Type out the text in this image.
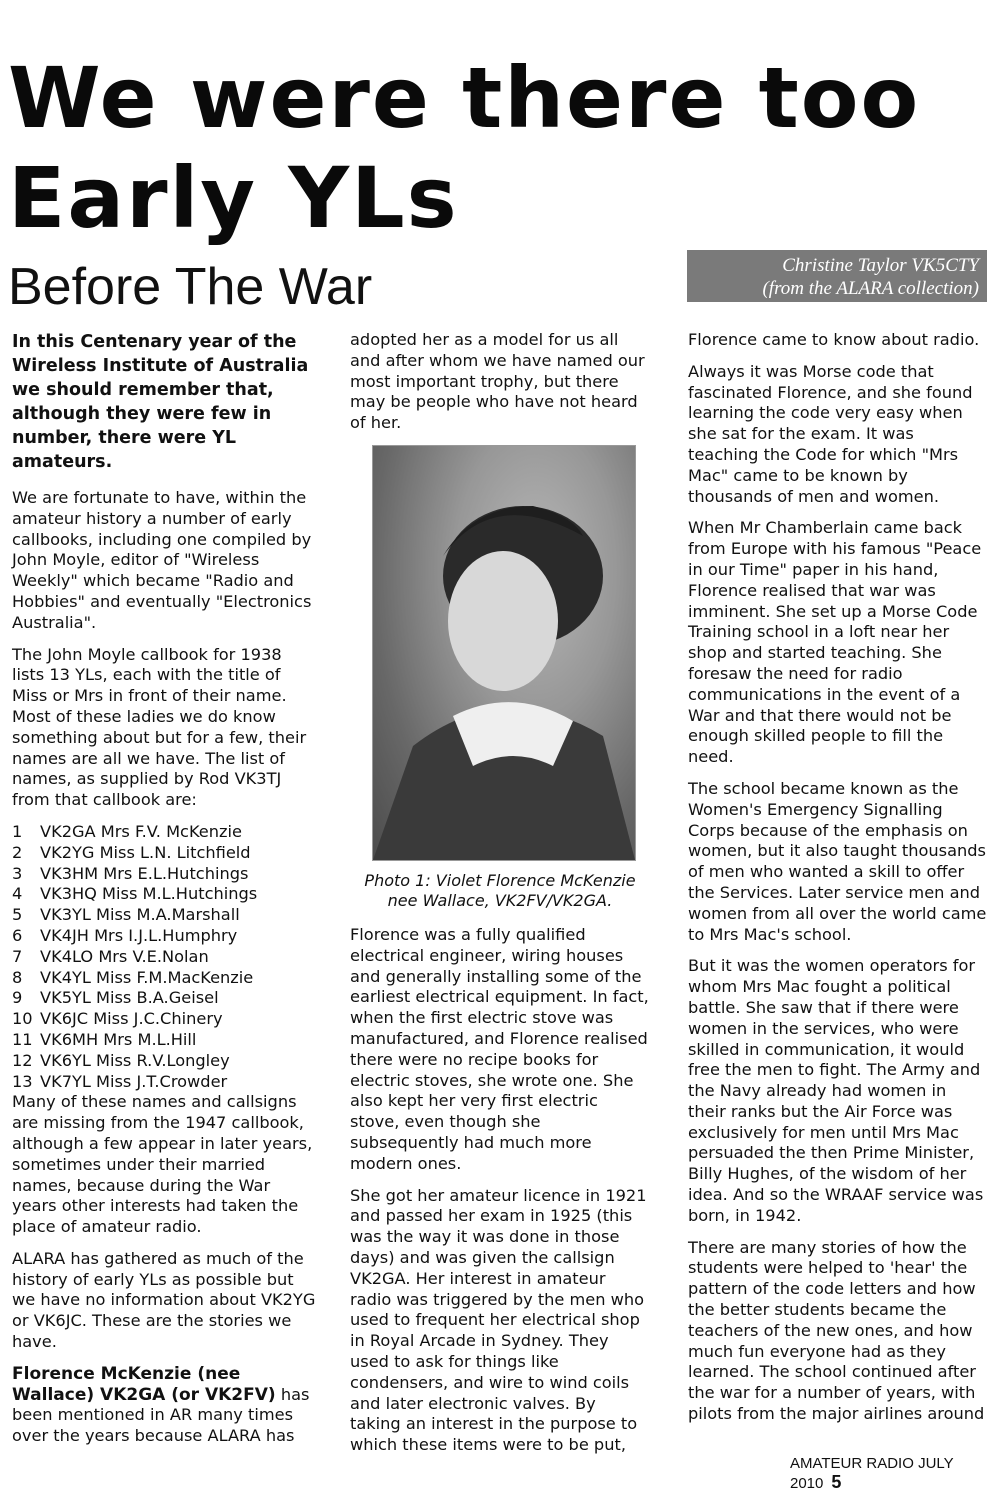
We were there too
Early YLs
Before The War	Christine Taylor VK5CTY
(from the ALARA collection)

In this Centenary year of the Wireless Institute of Australia we should remember that, although they were few in number, there were YL amateurs.

We are fortunate to have, within the amateur history a number of early callbooks, including one compiled by John Moyle, editor of "Wireless Weekly" which became "Radio and Hobbies" and eventually "Electronics Australia".

The John Moyle callbook for 1938 lists 13 YLs, each with the title of Miss or Mrs in front of their name. Most of these ladies we do know something about but for a few, their names are all we have. The list of names, as supplied by Rod VK3TJ from that callbook are:

1	VK2GA Mrs F.V. McKenzie
2	VK2YG Miss L.N. Litchfield
3	VK3HM Mrs E.L.Hutchings
4	VK3HQ Miss M.L.Hutchings
5	VK3YL Miss M.A.Marshall
6	VK4JH Mrs I.J.L.Humphry
7	VK4LO Mrs V.E.Nolan
8	VK4YL Miss F.M.MacKenzie
9	VK5YL Miss B.A.Geisel
10 VK6JC Miss J.C.Chinery
11 VK6MH Mrs M.L.Hill
12 VK6YL Miss R.V.Longley
13 VK7YL Miss J.T.Crowder

Many of these names and callsigns are missing from the 1947 callbook, although a few appear in later years, sometimes under their married names, because during the War years other interests had taken the place of amateur radio.

ALARA has gathered as much of the history of early YLs as possible but we have no information about VK2YG or VK6JC. These are the stories we have.

Florence McKenzie (nee Wallace) VK2GA (or VK2FV) has been mentioned in AR many times over the years because ALARA has

adopted her as a model for us all and after whom we have named our most important trophy, but there may be people who have not heard of her.

Photo 1: Violet Florence McKenzie nee Wallace, VK2FV/VK2GA.

Florence was a fully qualified electrical engineer, wiring houses and generally installing some of the earliest electrical equipment. In fact, when the first electric stove was manufactured, and Florence realised there were no recipe books for electric stoves, she wrote one. She also kept her very first electric stove, even though she subsequently had much more modern ones.

She got her amateur licence in 1921 and passed her exam in 1925 (this was the way it was done in those days) and was given the callsign VK2GA. Her interest in amateur radio was triggered by the men who used to frequent her electrical shop in Royal Arcade in Sydney. They used to ask for things like condensers, and wire to wind coils and later electronic valves. By taking an interest in the purpose to which these items were to be put,

Florence came to know about radio.

Always it was Morse code that fascinated Florence, and she found learning the code very easy when she sat for the exam. It was teaching the Code for which "Mrs Mac" came to be known by thousands of men and women.

When Mr Chamberlain came back from Europe with his famous "Peace in our Time" paper in his hand, Florence realised that war was imminent. She set up a Morse Code Training school in a loft near her shop and started teaching. She foresaw the need for radio communications in the event of a War and that there would not be enough skilled people to fill the need.

The school became known as the Women's Emergency Signalling Corps because of the emphasis on women, but it also taught thousands of men who wanted a skill to offer the Services. Later service men and women from all over the world came to Mrs Mac's school.

But it was the women operators for whom Mrs Mac fought a political battle. She saw that if there were women in the services, who were skilled in communication, it would free the men to fight. The Army and the Navy already had women in their ranks but the Air Force was exclusively for men until Mrs Mac persuaded the then Prime Minister, Billy Hughes, of the wisdom of her idea. And so the WRAAF service was born, in 1942.

There are many stories of how the students were helped to 'hear' the pattern of the code letters and how the better students became the teachers of the new ones, and how much fun everyone had as they learned. The school continued after the war for a number of years, with pilots from the major airlines around

AMATEUR RADIO JULY 2010 5
